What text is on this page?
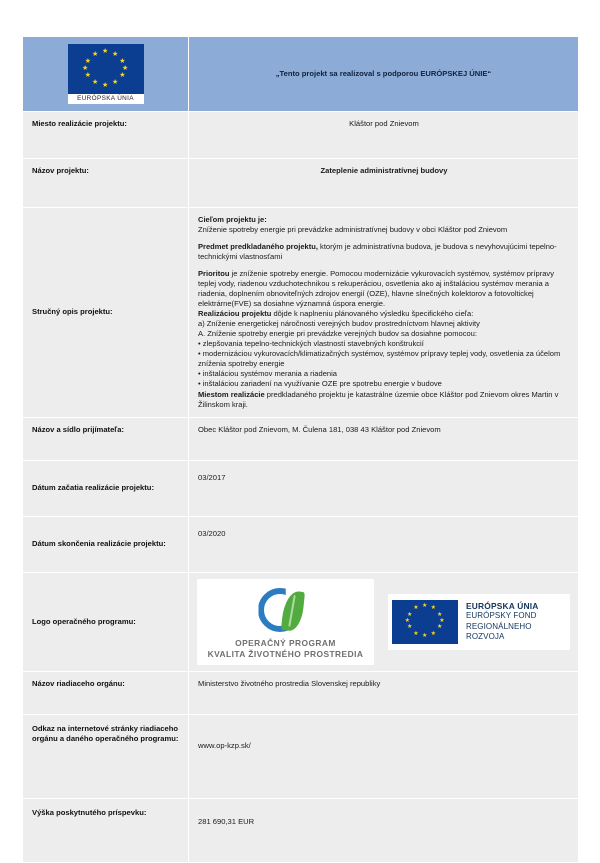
EURÓPSKA ÚNIA	„Tento projekt sa realizoval s podporou EURÓPSKEJ ÚNIE“
Miesto realizácie projektu:	Kláštor pod Znievom
Názov projektu:	Zateplenie administratívnej budovy
Stručný opis projektu:	

Cieľom projektu je:

Zníženie spotreby energie pri prevádzke administratívnej budovy v obci Kláštor pod Znievom

Predmet predkladaného projektu, ktorým je administratívna budova, je budova s nevyhovujúcimi tepelno-technickými vlastnosťami

Prioritou je zníženie spotreby energie. Pomocou modernizácie vykurovacích systémov, systémov prípravy teplej vody, riadenou vzduchotechnikou s rekuperáciou, osvetlenia ako aj inštaláciou systémov merania a riadenia, doplnením obnoviteľných zdrojov energií (OZE), hlavne slnečných kolektorov a fotovoltickej elektrárne(FVE) sa dosiahne významná úspora energie.

Realizáciou projektu dôjde k naplneniu plánovaného výsledku špecifického cieľa:
a) Zníženie energetickej náročnosti verejných budov prostredníctvom hlavnej aktivity
A. Zníženie spotreby energie pri prevádzke verejných budov sa dosiahne pomocou:
• zlepšovania tepelno-technických vlastností stavebných konštrukcií
• modernizáciou vykurovacích/klimatizačných systémov, systémov prípravy teplej vody, osvetlenia za účelom zníženia spotreby energie
• inštaláciou systémov merania a riadenia
• inštaláciou zariadení na využívanie OZE pre spotrebu energie v budove
Miestom realizácie predkladaného projektu je katastrálne územie obce Kláštor pod Znievom okres Martin v Žilinskom kraji.

Názov a sídlo prijímateľa:	Obec Kláštor pod Znievom, M. Čulena 181, 038 43 Kláštor pod Znievom
Dátum začatia realizácie projektu:	03/2017
Dátum skončenia realizácie projektu:	03/2020
Logo operačného programu:	OPERAČNÝ PROGRAM
KVALITA ŽIVOTNÉHO PROSTREDIA
EURÓPSKA ÚNIA
EURÓPSKY FOND
REGIONÁLNEHO ROZVOJA

Názov riadiaceho orgánu:	Ministerstvo životného prostredia Slovenskej republiky
Odkaz na internetové stránky riadiaceho orgánu a daného operačného programu:	www.op-kzp.sk/
Výška poskytnutého príspevku:	281 690,31 EUR
